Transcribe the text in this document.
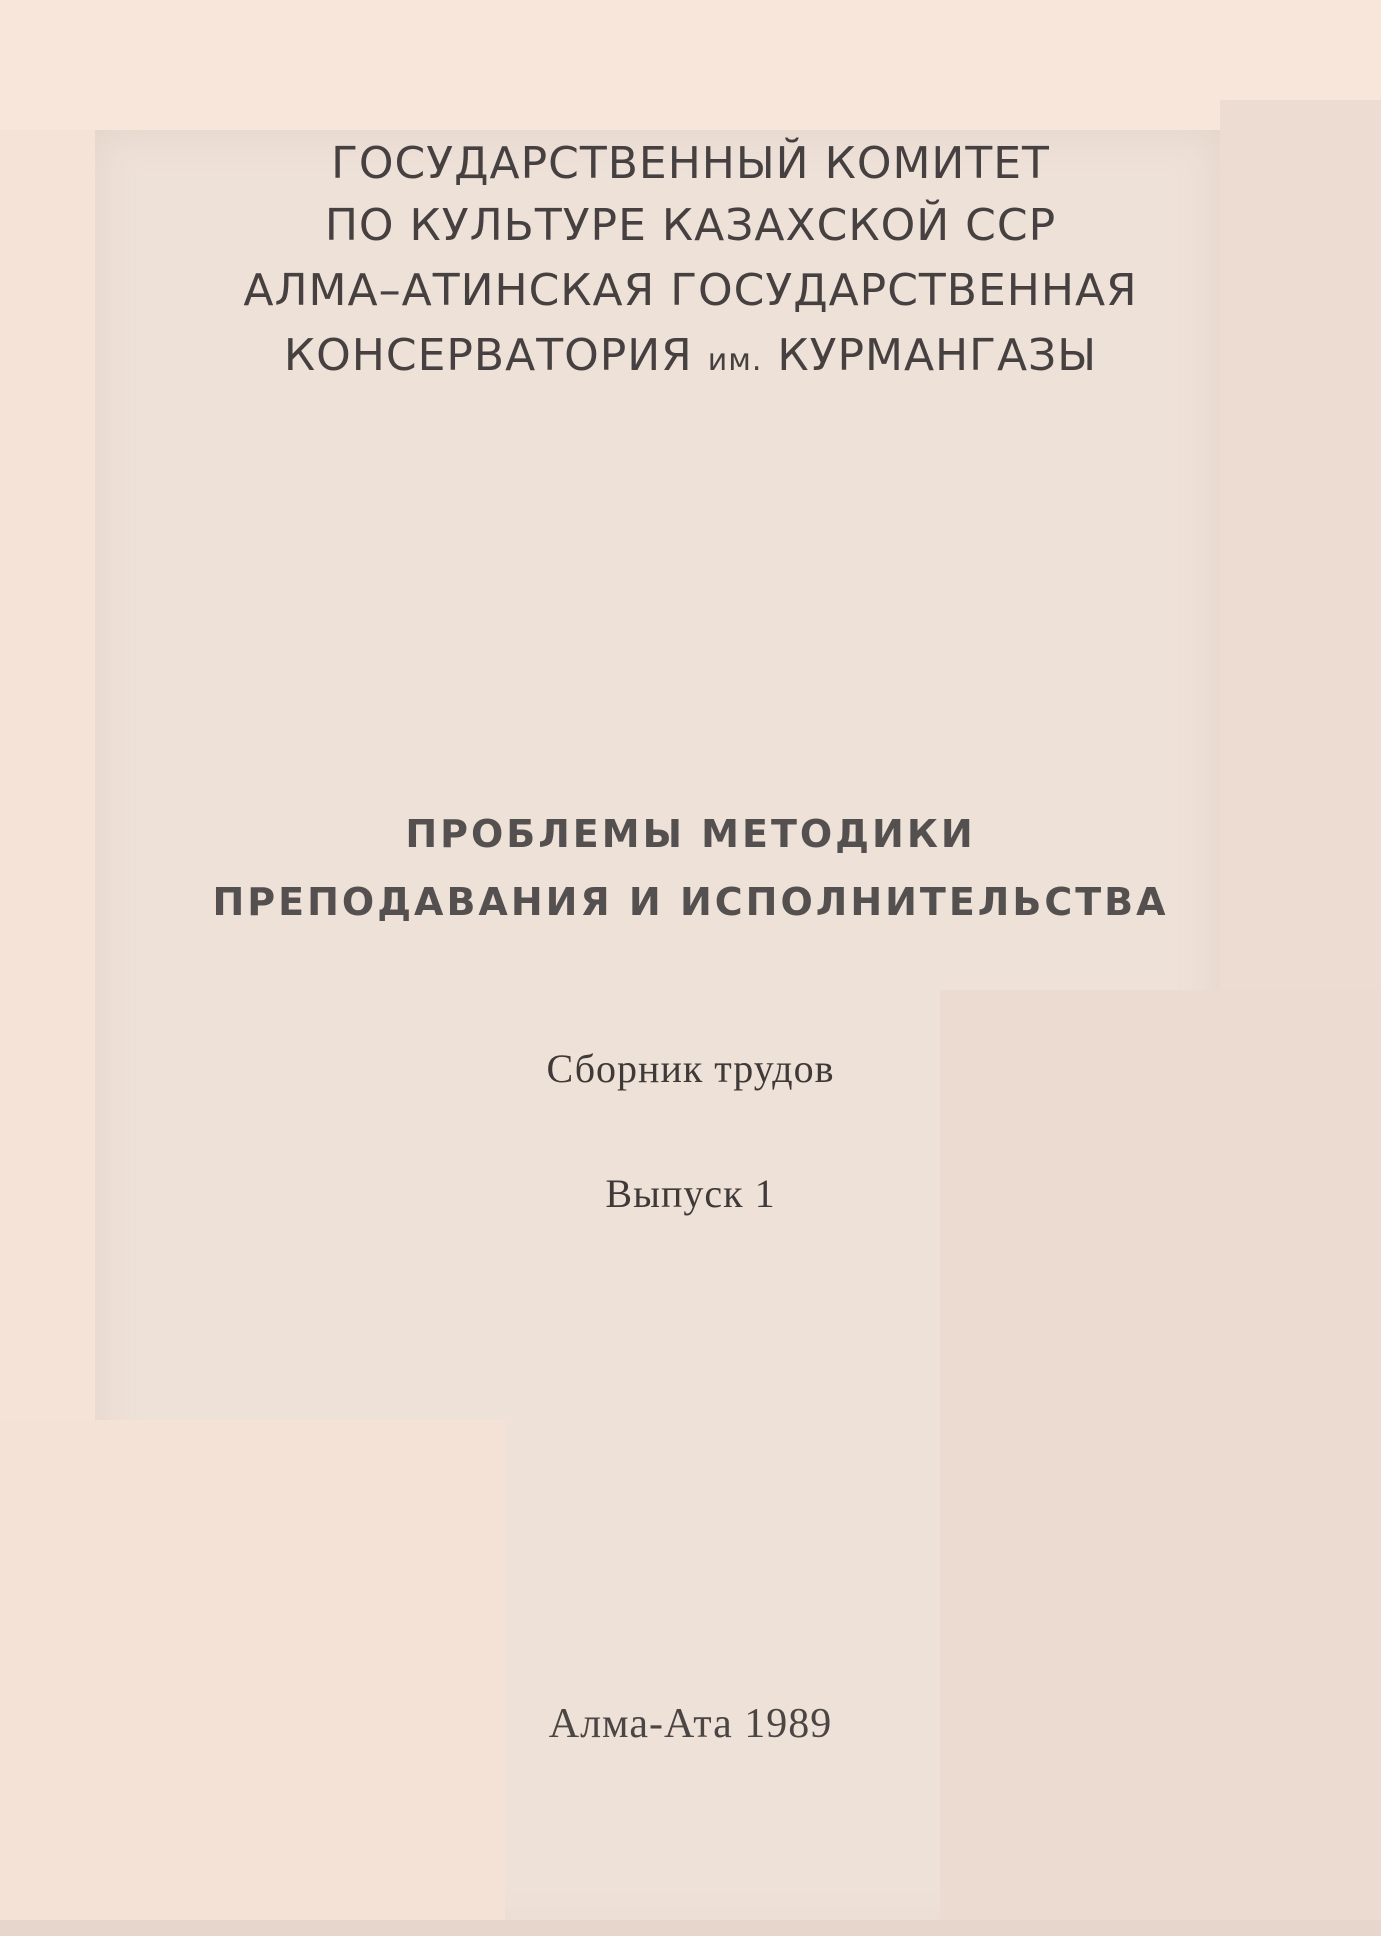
ГОСУДАРСТВЕННЫЙ КОМИТЕТ
ПО КУЛЬТУРЕ КАЗАХСКОЙ ССР
АЛМА–АТИНСКАЯ ГОСУДАРСТВЕННАЯ
КОНСЕРВАТОРИЯ им. КУРМАНГАЗЫ
ПРОБЛЕМЫ МЕТОДИКИ
ПРЕПОДАВАНИЯ И ИСПОЛНИТЕЛЬСТВА
Сборник трудов
Выпуск 1
Алма-Ата 1989
